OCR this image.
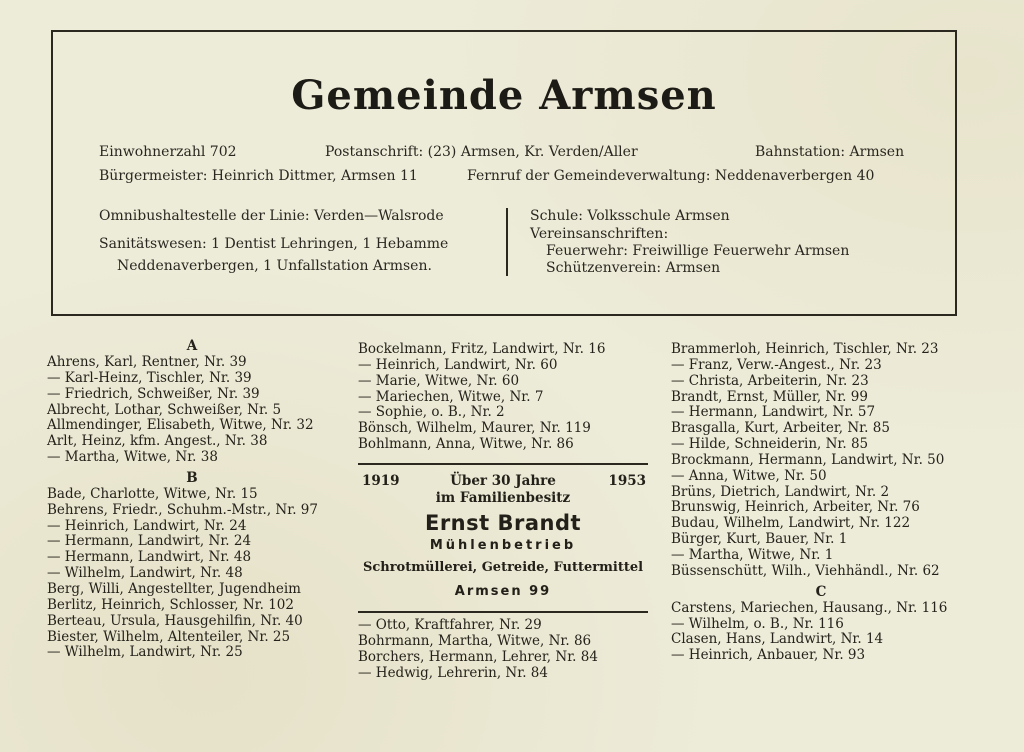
Gemeinde Armsen
Einwohnerzahl 702	Postanschrift: (23) Armsen, Kr. Verden/Aller	Bahnstation: Armsen
Bürgermeister: Heinrich Dittmer, Armsen 11	Fernruf der Gemeindeverwaltung: Neddenaverbergen 40
Omnibushaltestelle der Linie: Verden—Walsrode
Sanitätswesen: 1 Dentist Lehringen, 1 Hebamme
Neddenaverbergen, 1 Unfallstation Armsen.
Schule: Volksschule Armsen
Vereinsanschriften:
Feuerwehr: Freiwillige Feuerwehr Armsen
Schützenverein: Armsen
A
Ahrens, Karl, Rentner, Nr. 39
— Karl-Heinz, Tischler, Nr. 39
— Friedrich, Schweißer, Nr. 39
Albrecht, Lothar, Schweißer, Nr. 5
Allmendinger, Elisabeth, Witwe, Nr. 32
Arlt, Heinz, kfm. Angest., Nr. 38
— Martha, Witwe, Nr. 38
B
Bade, Charlotte, Witwe, Nr. 15
Behrens, Friedr., Schuhm.-Mstr., Nr. 97
— Heinrich, Landwirt, Nr. 24
— Hermann, Landwirt, Nr. 24
— Hermann, Landwirt, Nr. 48
— Wilhelm, Landwirt, Nr. 48
Berg, Willi, Angestellter, Jugendheim
Berlitz, Heinrich, Schlosser, Nr. 102
Berteau, Ursula, Hausgehilfin, Nr. 40
Biester, Wilhelm, Altenteiler, Nr. 25
— Wilhelm, Landwirt, Nr. 25
Bockelmann, Fritz, Landwirt, Nr. 16
— Heinrich, Landwirt, Nr. 60
— Marie, Witwe, Nr. 60
— Mariechen, Witwe, Nr. 7
— Sophie, o. B., Nr. 2
Bönsch, Wilhelm, Maurer, Nr. 119
Bohlmann, Anna, Witwe, Nr. 86
1919	Über 30 Jahre	1953
im Familienbesitz
Ernst Brandt
Mühlenbetrieb
Schrotmüllerei, Getreide, Futtermittel
Armsen 99
— Otto, Kraftfahrer, Nr. 29
Bohrmann, Martha, Witwe, Nr. 86
Borchers, Hermann, Lehrer, Nr. 84
— Hedwig, Lehrerin, Nr. 84
Brammerloh, Heinrich, Tischler, Nr. 23
— Franz, Verw.-Angest., Nr. 23
— Christa, Arbeiterin, Nr. 23
Brandt, Ernst, Müller, Nr. 99
— Hermann, Landwirt, Nr. 57
Brasgalla, Kurt, Arbeiter, Nr. 85
— Hilde, Schneiderin, Nr. 85
Brockmann, Hermann, Landwirt, Nr. 50
— Anna, Witwe, Nr. 50
Brüns, Dietrich, Landwirt, Nr. 2
Brunswig, Heinrich, Arbeiter, Nr. 76
Budau, Wilhelm, Landwirt, Nr. 122
Bürger, Kurt, Bauer, Nr. 1
— Martha, Witwe, Nr. 1
Büssenschütt, Wilh., Viehhändl., Nr. 62
C
Carstens, Mariechen, Hausang., Nr. 116
— Wilhelm, o. B., Nr. 116
Clasen, Hans, Landwirt, Nr. 14
— Heinrich, Anbauer, Nr. 93
